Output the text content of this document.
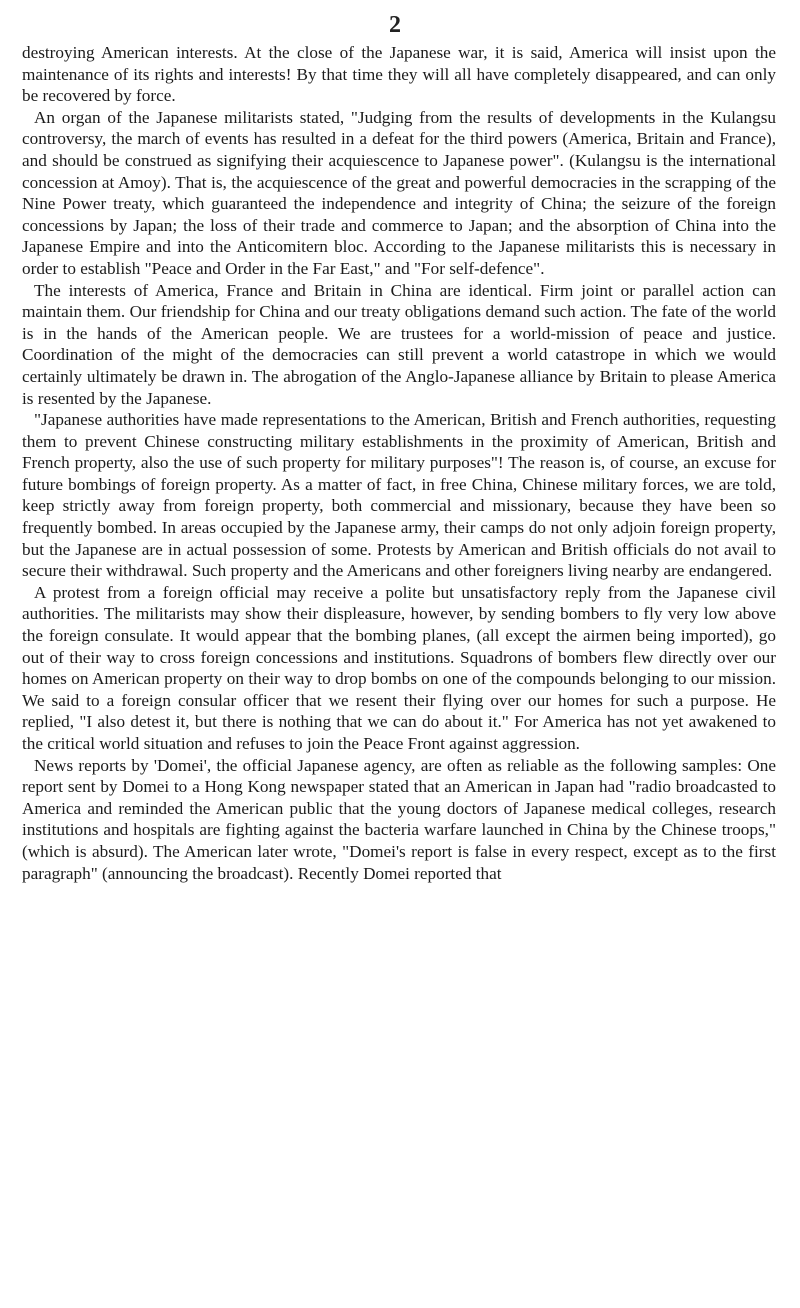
2

destroying American interests. At the close of the Japanese war, it is said, America will insist upon the maintenance of its rights and interests! By that time they will all have completely disappeared, and can only be recovered by force.

An organ of the Japanese militarists stated, "Judging from the results of developments in the Kulangsu controversy, the march of events has resulted in a defeat for the third powers (America, Britain and France), and should be construed as signifying their acquiescence to Japanese power". (Kulangsu is the international concession at Amoy). That is, the acquiescence of the great and powerful democracies in the scrapping of the Nine Power treaty, which guaranteed the independence and integrity of China; the seizure of the foreign concessions by Japan; the loss of their trade and commerce to Japan; and the absorption of China into the Japanese Empire and into the Anticomitern bloc. According to the Japanese militarists this is necessary in order to establish "Peace and Order in the Far East," and "For self-defence".

The interests of America, France and Britain in China are identical. Firm joint or parallel action can maintain them. Our friendship for China and our treaty obligations demand such action. The fate of the world is in the hands of the American people. We are trustees for a world-mission of peace and justice. Coordination of the might of the democracies can still prevent a world catastrope in which we would certainly ultimately be drawn in. The abrogation of the Anglo-Japanese alliance by Britain to please America is resented by the Japanese.

"Japanese authorities have made representations to the American, British and French authorities, requesting them to prevent Chinese constructing military establishments in the proximity of American, British and French property, also the use of such property for military purposes"! The reason is, of course, an excuse for future bombings of foreign property. As a matter of fact, in free China, Chinese military forces, we are told, keep strictly away from foreign property, both commercial and missionary, because they have been so frequently bombed. In areas occupied by the Japanese army, their camps do not only adjoin foreign property, but the Japanese are in actual possession of some. Protests by American and British officials do not avail to secure their withdrawal. Such property and the Americans and other foreigners living nearby are endangered.

A protest from a foreign official may receive a polite but unsatisfactory reply from the Japanese civil authorities. The militarists may show their displeasure, however, by sending bombers to fly very low above the foreign consulate. It would appear that the bombing planes, (all except the airmen being imported), go out of their way to cross foreign concessions and institutions. Squadrons of bombers flew directly over our homes on American property on their way to drop bombs on one of the compounds belonging to our mission. We said to a foreign consular officer that we resent their flying over our homes for such a purpose. He replied, "I also detest it, but there is nothing that we can do about it." For America has not yet awakened to the critical world situation and refuses to join the Peace Front against aggression.

News reports by 'Domei', the official Japanese agency, are often as reliable as the following samples: One report sent by Domei to a Hong Kong newspaper stated that an American in Japan had "radio broadcasted to America and reminded the American public that the young doctors of Japanese medical colleges, research institutions and hospitals are fighting against the bacteria warfare launched in China by the Chinese troops," (which is absurd). The American later wrote, "Domei's report is false in every respect, except as to the first paragraph" (announcing the broadcast). Recently Domei reported that
